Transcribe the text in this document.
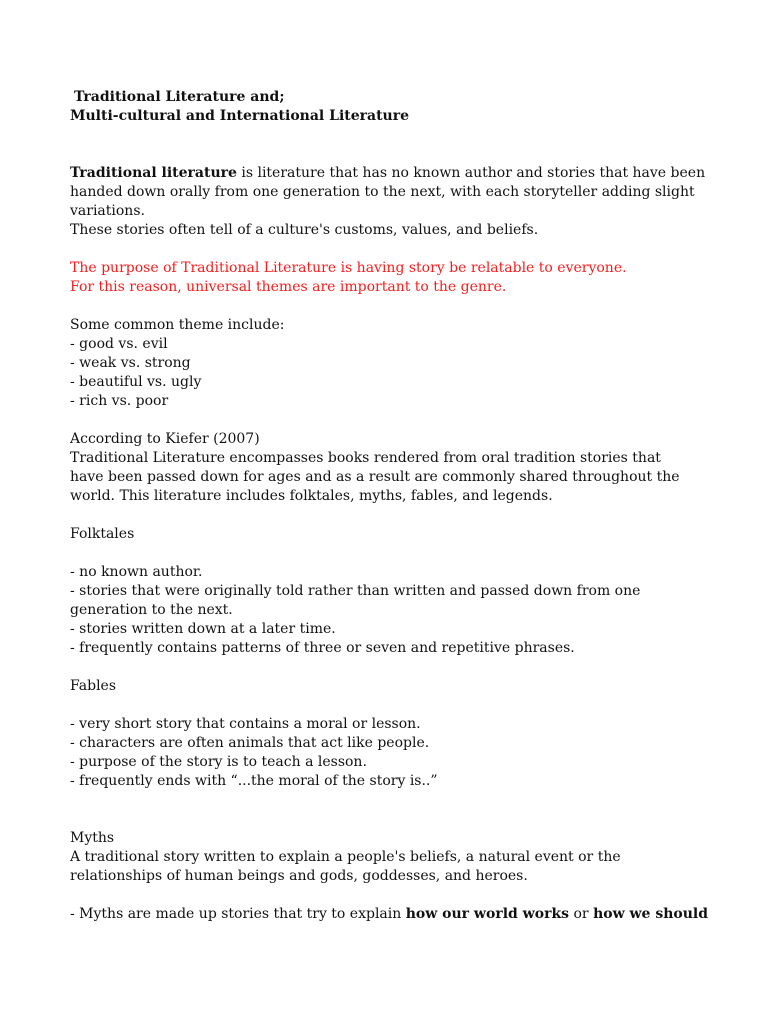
Traditional Literature and;
Multi-cultural and International Literature
Traditional literature is literature that has no known author and stories that have been
handed down orally from one generation to the next, with each storyteller adding slight
variations.
These stories often tell of a culture's customs, values, and beliefs.
The purpose of Traditional Literature is having story be relatable to everyone.
For this reason, universal themes are important to the genre.
Some common theme include:
- good vs. evil
- weak vs. strong
- beautiful vs. ugly
- rich vs. poor
According to Kiefer (2007)
Traditional Literature encompasses books rendered from oral tradition stories that
have been passed down for ages and as a result are commonly shared throughout the
world. This literature includes folktales, myths, fables, and legends.
Folktales
- no known author.
- stories that were originally told rather than written and passed down from one
generation to the next.
- stories written down at a later time.
- frequently contains patterns of three or seven and repetitive phrases.
Fables
- very short story that contains a moral or lesson.
- characters are often animals that act like people.
- purpose of the story is to teach a lesson.
- frequently ends with “...the moral of the story is..”
Myths
A traditional story written to explain a people's beliefs, a natural event or the
relationships of human beings and gods, goddesses, and heroes.
- Myths are made up stories that try to explain how our world works or how we should
